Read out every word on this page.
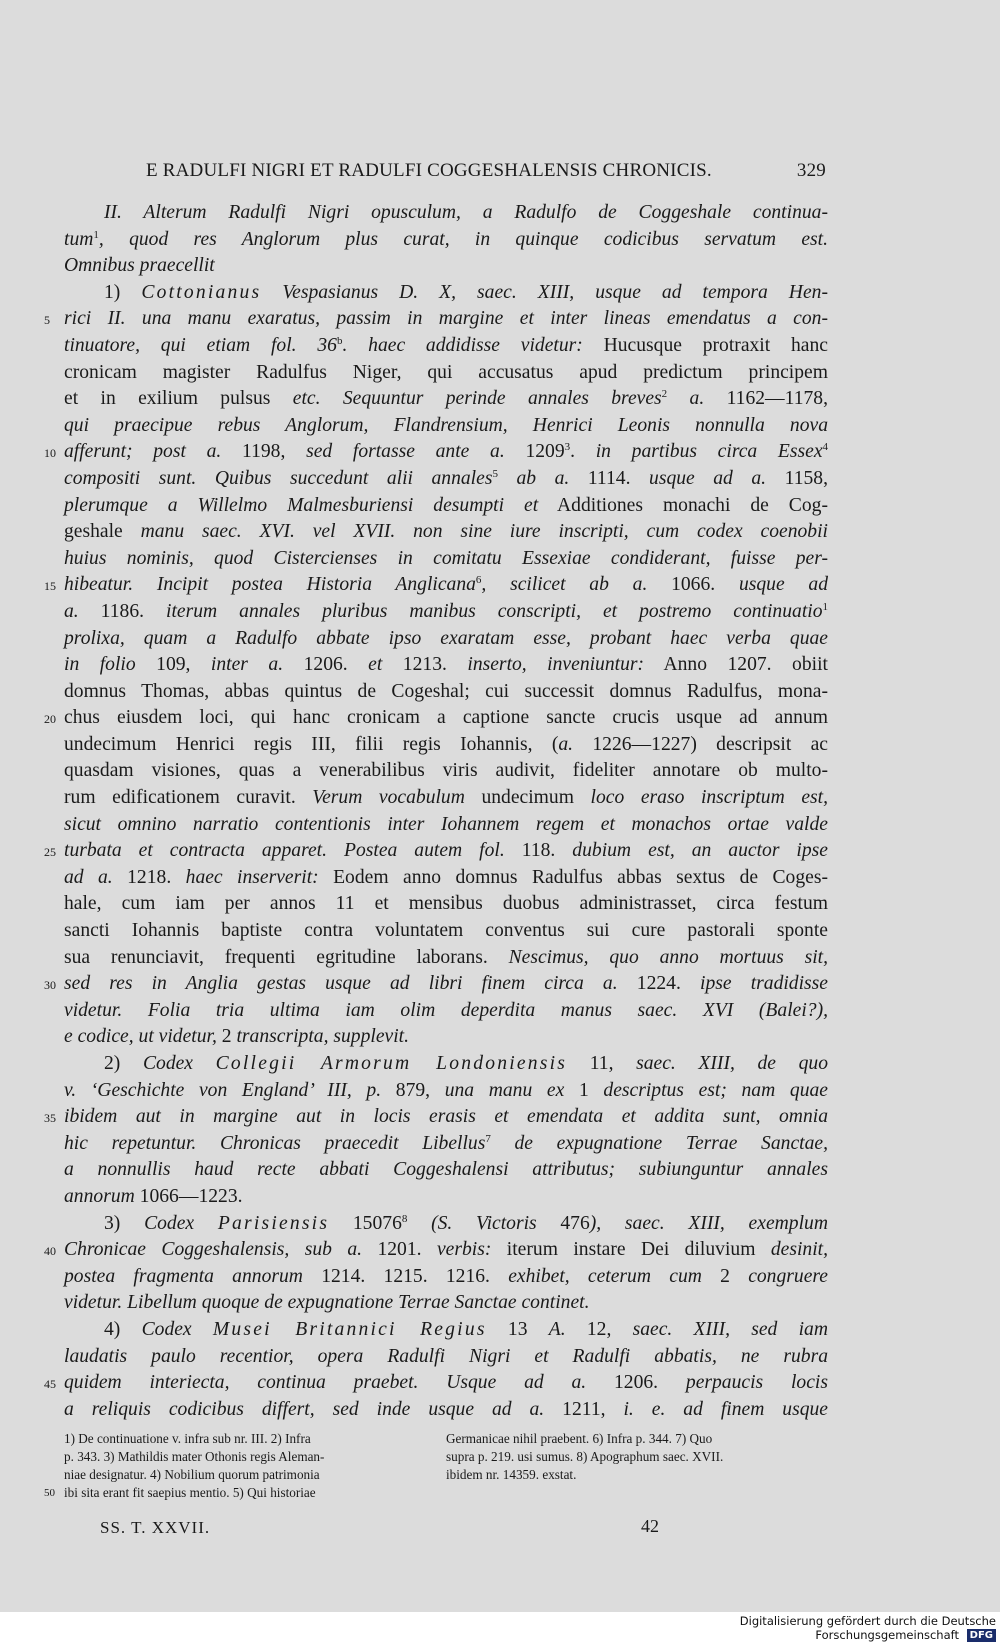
E RADULFI NIGRI ET RADULFI COGGESHALENSIS CHRONICIS.	329
II. Alterum Radulfi Nigri opusculum, a Radulfo de Coggeshale continua-
tum$^1$, quod res Anglorum plus curat, in quinque codicibus servatum est.
Omnibus praecellit
1) Cottonianus Vespasianus D. X, saec. XIII, usque ad tempora Hen-
5 rici II. una manu exaratus, passim in margine et inter lineas emendatus a con-
tinuatore, qui etiam fol. 36$^b$. haec addidisse videtur: Hucusque protraxit hanc
cronicam magister Radulfus Niger, qui accusatus apud predictum principem
et in exilium pulsus etc. Sequuntur perinde annales breves$^2$ a. 1162—1178,
qui praecipue rebus Anglorum, Flandrensium, Henrici Leonis nonnulla nova
10 afferunt; post a. 1198, sed fortasse ante a. 1209$^3$. in partibus circa Essex$^4$
compositi sunt. Quibus succedunt alii annales$^5$ ab a. 1114. usque ad a. 1158,
plerumque a Willelmo Malmesburiensi desumpti et Additiones monachi de Cog-
geshale manu saec. XVI. vel XVII. non sine iure inscripti, cum codex coenobii
huius nominis, quod Cistercienses in comitatu Essexiae condiderant, fuisse per-
15 hibeatur. Incipit postea Historia Anglicana$^6$, scilicet ab a. 1066. usque ad
a. 1186. iterum annales pluribus manibus conscripti, et postremo continuatio$^1$
prolixa, quam a Radulfo abbate ipso exaratam esse, probant haec verba quae
in folio 109, inter a. 1206. et 1213. inserto, inveniuntur: Anno 1207. obiit
domnus Thomas, abbas quintus de Cogeshal; cui successit domnus Radulfus, mona-
20 chus eiusdem loci, qui hanc cronicam a captione sancte crucis usque ad annum
undecimum Henrici regis III, filii regis Iohannis, (a. 1226—1227) descripsit ac
quasdam visiones, quas a venerabilibus viris audivit, fideliter annotare ob multo-
rum edificationem curavit. Verum vocabulum undecimum loco eraso inscriptum est,
sicut omnino narratio contentionis inter Iohannem regem et monachos ortae valde
25 turbata et contracta apparet. Postea autem fol. 118. dubium est, an auctor ipse
ad a. 1218. haec inserverit: Eodem anno domnus Radulfus abbas sextus de Coges-
hale, cum iam per annos 11 et mensibus duobus administrasset, circa festum
sancti Iohannis baptiste contra voluntatem conventus sui cure pastorali sponte
sua renunciavit, frequenti egritudine laborans. Nescimus, quo anno mortuus sit,
30 sed res in Anglia gestas usque ad libri finem circa a. 1224. ipse tradidisse
videtur. Folia tria ultima iam olim deperdita manus saec. XVI (Balei?),
e codice, ut videtur, 2 transcripta, supplevit.
2) Codex Collegii Armorum Londoniensis 11, saec. XIII, de quo
v. ‘Geschichte von England’ III, p. 879, una manu ex 1 descriptus est; nam quae
35 ibidem aut in margine aut in locis erasis et emendata et addita sunt, omnia
hic repetuntur. Chronicas praecedit Libellus$^7$ de expugnatione Terrae Sanctae,
a nonnullis haud recte abbati Coggeshalensi attributus; subiunguntur annales
annorum 1066—1223.
3) Codex Parisiensis 15076$^8$ (S. Victoris 476), saec. XIII, exemplum
40 Chronicae Coggeshalensis, sub a. 1201. verbis: iterum instare Dei diluvium desinit,
postea fragmenta annorum 1214. 1215. 1216. exhibet, ceterum cum 2 congruere
videtur. Libellum quoque de expugnatione Terrae Sanctae continet.
4) Codex Musei Britannici Regius 13 A. 12, saec. XIII, sed iam
laudatis paulo recentior, opera Radulfi Nigri et Radulfi abbatis, ne rubra
45 quidem interiecta, continua praebet. Usque ad a. 1206. perpaucis locis
a reliquis codicibus differt, sed inde usque ad a. 1211, i. e. ad finem usque
1) De continuatione v. infra sub nr. III. 2) Infra	Germanicae nihil praebent. 6) Infra p. 344. 7) Quo
p. 343. 3) Mathildis mater Othonis regis Aleman-	supra p. 219. usi sumus. 8) Apographum saec. XVII.
niae designatur. 4) Nobilium quorum patrimonia	ibidem nr. 14359. exstat.
50 ibi sita erant fit saepius mentio. 5) Qui historiae
SS. T. XXVII.	42
Digitalisierung gefördert durch die Deutsche Forschungsgemeinschaft DFG
